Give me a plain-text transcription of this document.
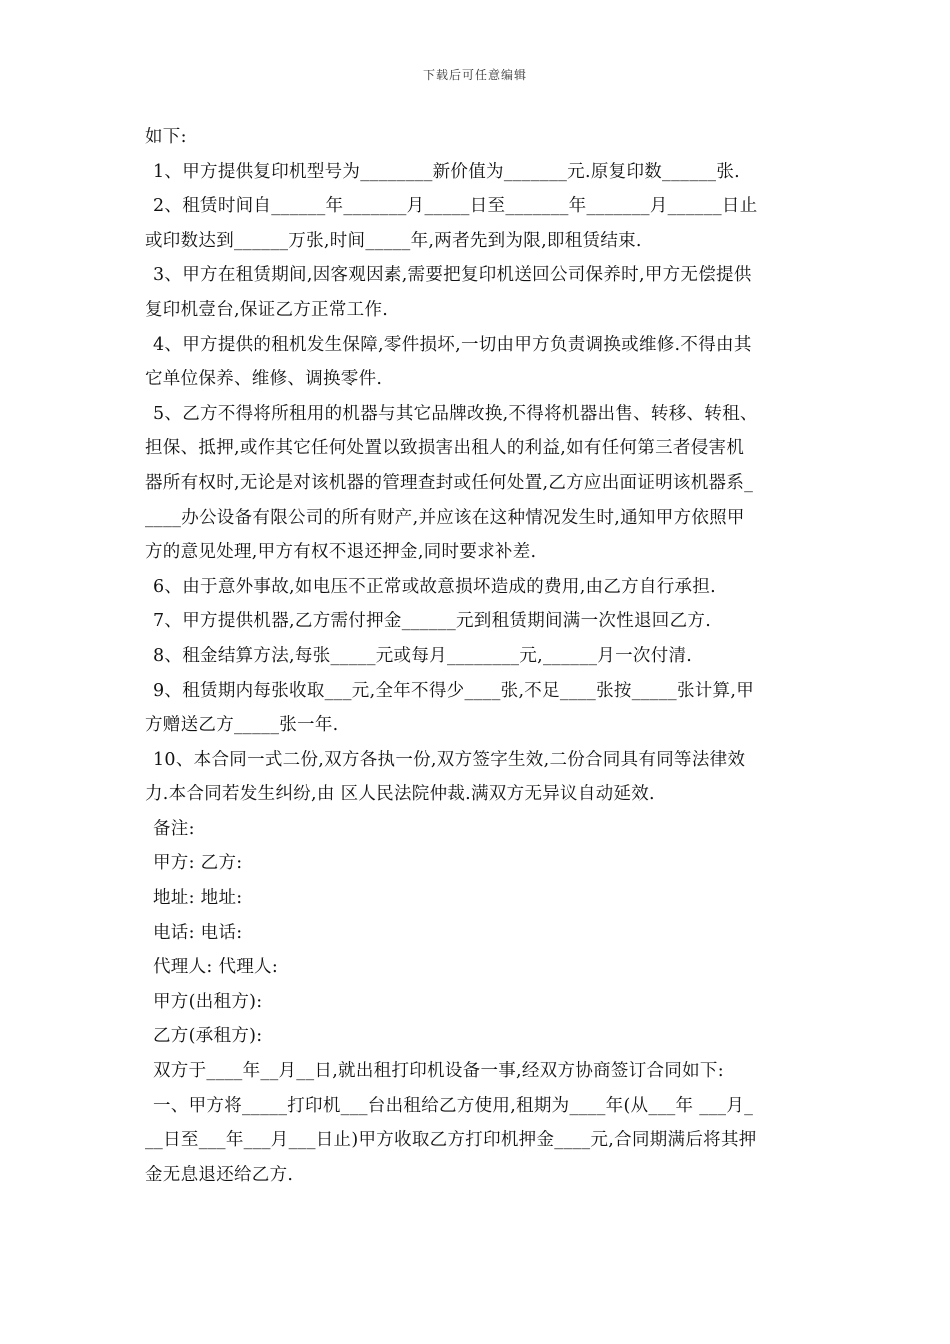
下载后可任意编辑
如下:
1、甲方提供复印机型号为________新价值为_______元.原复印数______张.
2、租赁时间自______年_______月_____日至_______年_______月______日止
或印数达到______万张,时间_____年,两者先到为限,即租赁结束.
3、甲方在租赁期间,因客观因素,需要把复印机送回公司保养时,甲方无偿提供
复印机壹台,保证乙方正常工作.
4、甲方提供的租机发生保障,零件损坏,一切由甲方负责调换或维修.不得由其
它单位保养、维修、调换零件.
5、乙方不得将所租用的机器与其它品牌改换,不得将机器出售、转移、转租、
担保、抵押,或作其它任何处置以致损害出租人的利益,如有任何第三者侵害机
器所有权时,无论是对该机器的管理查封或任何处置,乙方应出面证明该机器系_
____办公设备有限公司的所有财产,并应该在这种情况发生时,通知甲方依照甲
方的意见处理,甲方有权不退还押金,同时要求补差.
6、由于意外事故,如电压不正常或故意损坏造成的费用,由乙方自行承担.
7、甲方提供机器,乙方需付押金______元到租赁期间满一次性退回乙方.
8、租金结算方法,每张_____元或每月________元,______月一次付清.
9、租赁期内每张收取___元,全年不得少____张,不足____张按_____张计算,甲
方赠送乙方_____张一年.
10、本合同一式二份,双方各执一份,双方签字生效,二份合同具有同等法律效
力.本合同若发生纠纷,由 区人民法院仲裁.满双方无异议自动延效.
备注:
甲方: 乙方:
地址: 地址:
电话: 电话:
代理人: 代理人:
甲方(出租方):
乙方(承租方):
双方于____年__月__日,就出租打印机设备一事,经双方协商签订合同如下:
一、甲方将_____打印机___台出租给乙方使用,租期为____年(从___年 ___月_
__日至___年___月___日止)甲方收取乙方打印机押金____元,合同期满后将其押
金无息退还给乙方.
